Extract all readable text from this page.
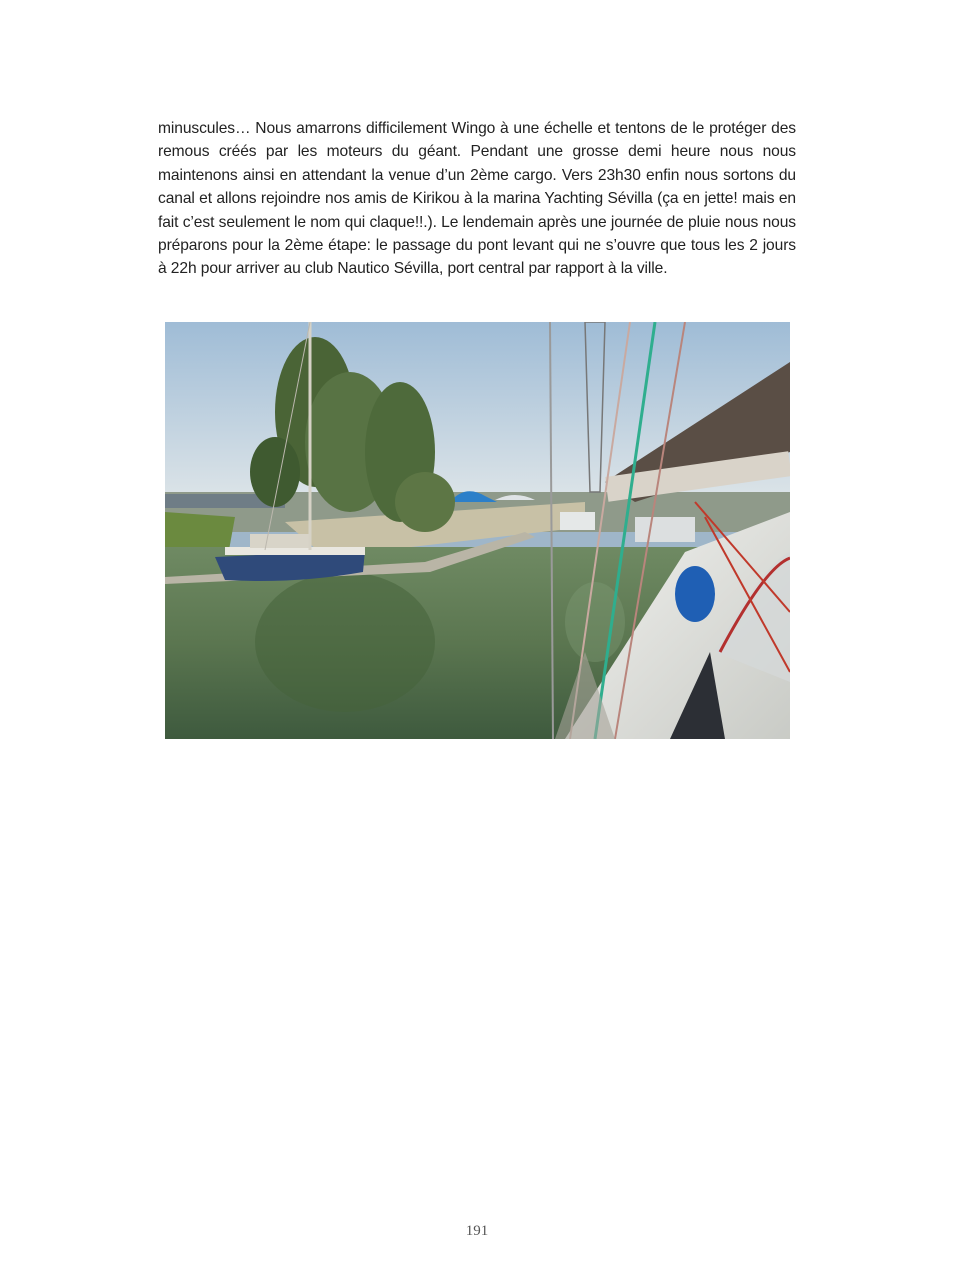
minuscules… Nous amarrons difficilement Wingo à une échelle et tentons de le protéger des remous créés par les moteurs du géant. Pendant une grosse demi heure nous nous maintenons ainsi en attendant la venue d’un 2ème cargo. Vers 23h30 enfin nous sortons du canal et allons rejoindre nos amis de Kirikou à la marina Yachting Sévilla (ça en jette! mais en fait c’est seulement le nom qui claque!!.). Le lendemain après une journée de pluie nous nous préparons pour la 2ème étape: le passage du pont levant qui ne s’ouvre que tous les 2 jours à 22h pour arriver au club Nautico Sévilla, port central par rapport à la ville.

191
